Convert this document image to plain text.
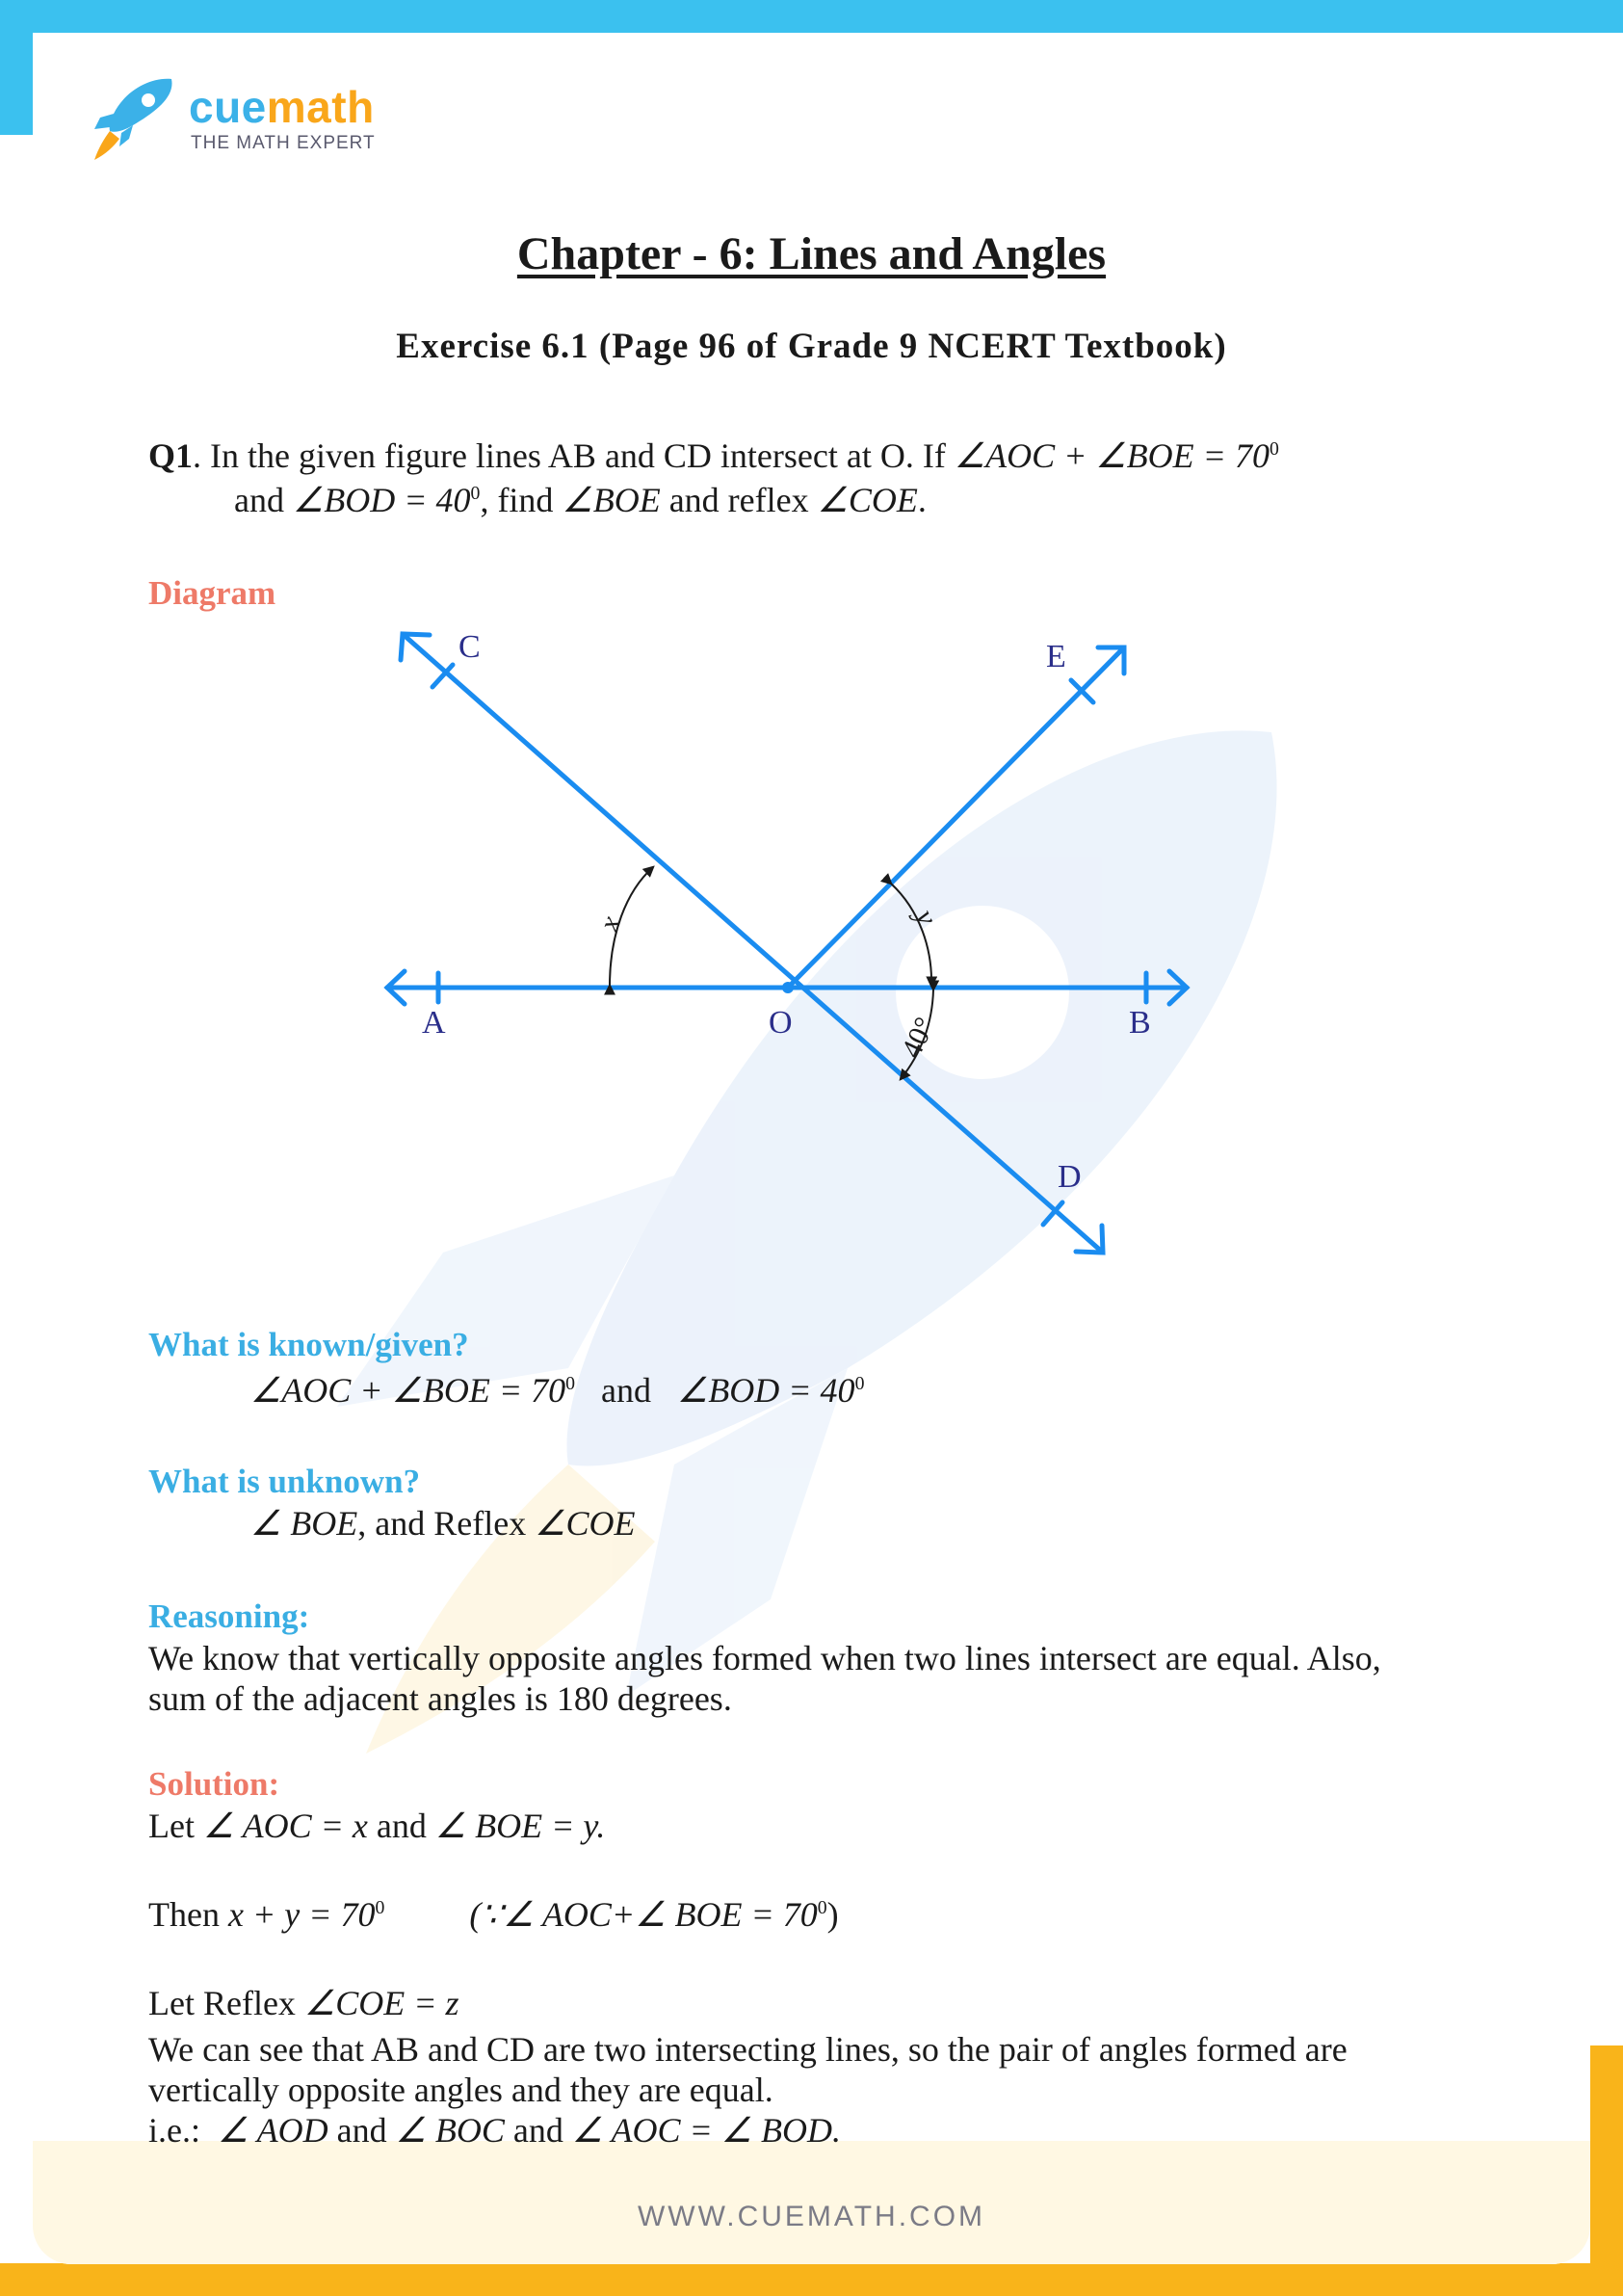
cuemath
THE MATH EXPERT
Chapter - 6: Lines and Angles
Exercise 6.1 (Page 96 of Grade 9 NCERT Textbook)
Q1. In the given figure lines AB and CD intersect at O. If ∠AOC + ∠BOE = $70^0$
and ∠BOD = $40^0$, find ∠BOE and reflex ∠COE.
Diagram
A	B
C
D
E
O
x	y
40°
What is known/given?
∠AOC + ∠BOE = $70^0$ and ∠BOD = $40^0$
What is unknown?
∠ BOE, and Reflex ∠COE
Reasoning:
We know that vertically opposite angles formed when two lines intersect are equal. Also,
sum of the adjacent angles is 180 degrees.
Solution:
Let ∠ AOC = x and ∠ BOE = y.
Then $x + y = 70^0$ (∵∠ AOC+∠ BOE = $70^0$)
Let Reflex ∠COE = z
We can see that AB and CD are two intersecting lines, so the pair of angles formed are
vertically opposite angles and they are equal.
i.e.: ∠ AOD and ∠ BOC and ∠ AOC = ∠ BOD.
WWW.CUEMATH.COM
